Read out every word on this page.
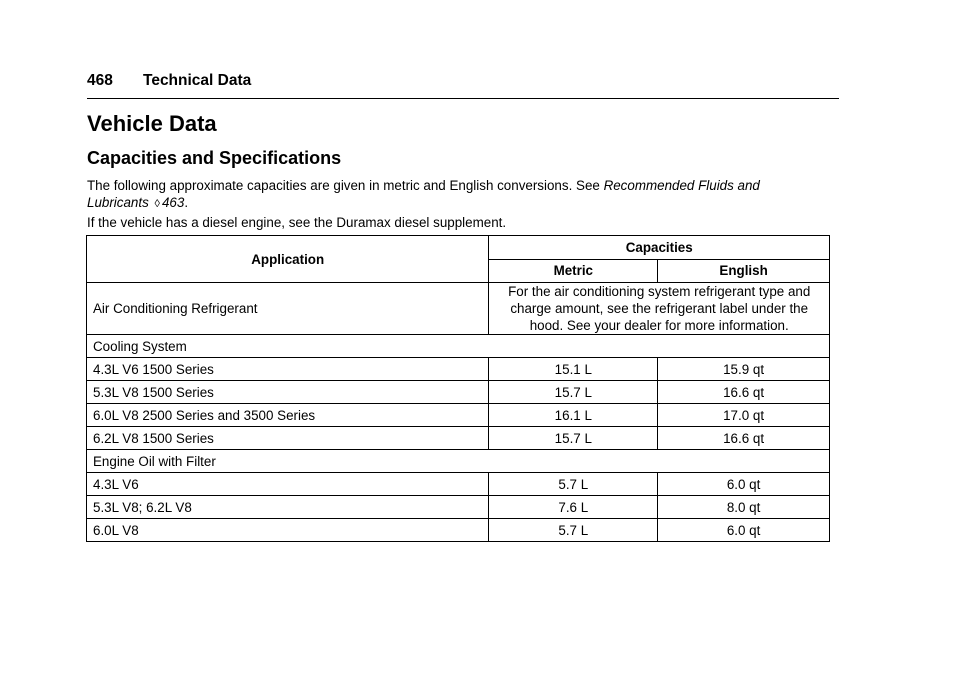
468 Technical Data
Vehicle Data
Capacities and Specifications

The following approximate capacities are given in metric and English conversions. See Recommended Fluids and Lubricants ◊ 463.

If the vehicle has a diesel engine, see the Duramax diesel supplement.

Application	Capacities	
	Metric	English
Air Conditioning Refrigerant	For the air conditioning system refrigerant type and charge amount, see the refrigerant label under the hood. See your dealer for more information.	
Cooling System		
4.3L V6 1500 Series	15.1 L	15.9 qt
5.3L V8 1500 Series	15.7 L	16.6 qt
6.0L V8 2500 Series and 3500 Series	16.1 L	17.0 qt
6.2L V8 1500 Series	15.7 L	16.6 qt
Engine Oil with Filter		
4.3L V6	5.7 L	6.0 qt
5.3L V8; 6.2L V8	7.6 L	8.0 qt
6.0L V8	5.7 L	6.0 qt
